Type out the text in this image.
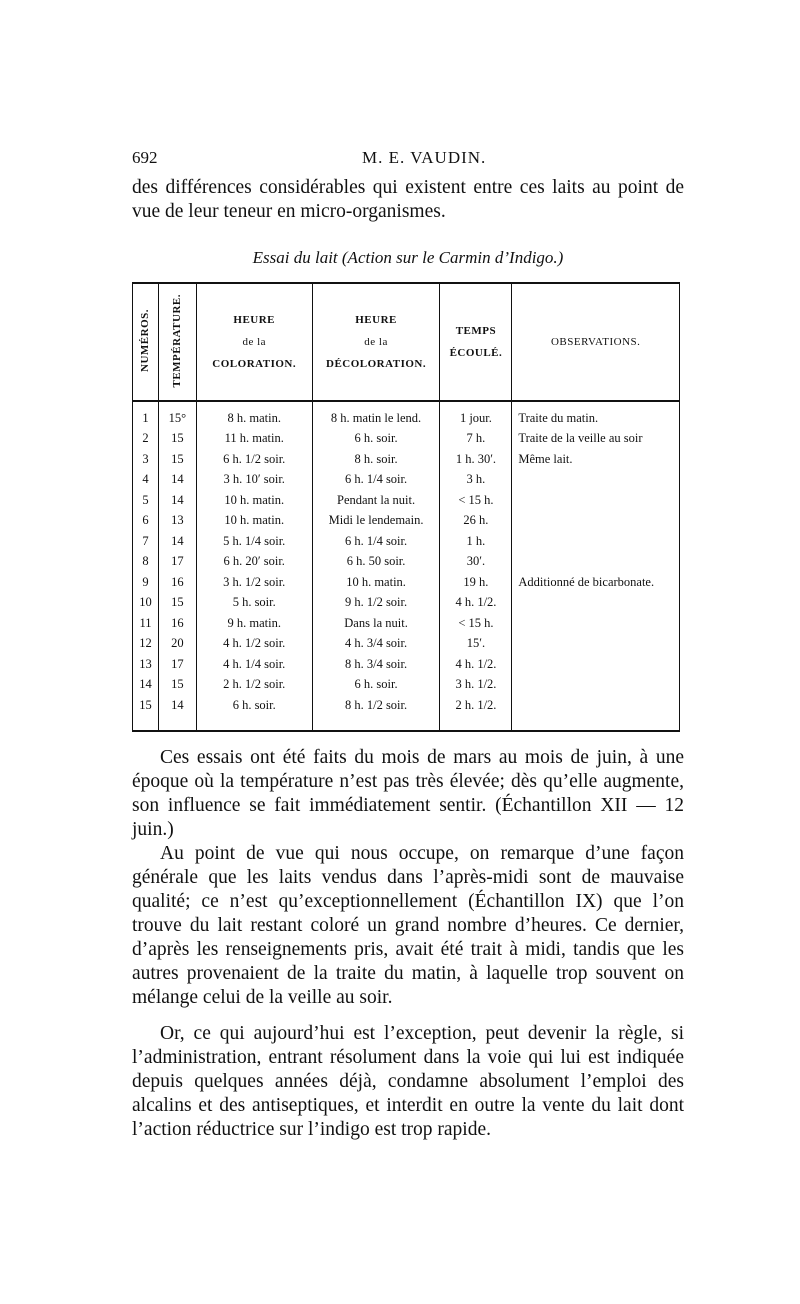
692	M. E. VAUDIN.

des différences considérables qui existent entre ces laits au point de vue de leur teneur en micro-organismes.

Essai du lait (Action sur le Carmin d’Indigo.)
NUMÉROS.	TEMPÉRATURE.	HEURE
de la
COLORATION.	HEURE
de la
DÉCOLORATION.	TEMPS
ÉCOULÉ.	OBSERVATIONS.
1	15°	8 h. matin.	8 h. matin le lend.	1 jour.	Traite du matin.
2	15	11 h. matin.	6 h. soir.	7 h.	Traite de la veille au soir
3	15	6 h. 1/2 soir.	8 h. soir.	1 h. 30′.	Même lait.
4	14	3 h. 10′ soir.	6 h. 1/4 soir.	3 h.	
5	14	10 h. matin.	Pendant la nuit.	< 15 h.	
6	13	10 h. matin.	Midi le lendemain.	26 h.	
7	14	5 h. 1/4 soir.	6 h. 1/4 soir.	1 h.	
8	17	6 h. 20′ soir.	6 h. 50 soir.	30′.	
9	16	3 h. 1/2 soir.	10 h. matin.	19 h.	Additionné de bicarbonate.
10	15	5 h. soir.	9 h. 1/2 soir.	4 h. 1/2.	
11	16	9 h. matin.	Dans la nuit.	< 15 h.	
12	20	4 h. 1/2 soir.	4 h. 3/4 soir.	15′.	
13	17	4 h. 1/4 soir.	8 h. 3/4 soir.	4 h. 1/2.	
14	15	2 h. 1/2 soir.	6 h. soir.	3 h. 1/2.	
15	14	6 h. soir.	8 h. 1/2 soir.	2 h. 1/2.	

Ces essais ont été faits du mois de mars au mois de juin, à une époque où la température n’est pas très élevée; dès qu’elle augmente, son influence se fait immédiatement sentir. (Échantillon XII — 12 juin.)

Au point de vue qui nous occupe, on remarque d’une façon générale que les laits vendus dans l’après-midi sont de mauvaise qualité; ce n’est qu’exceptionnellement (Échantillon IX) que l’on trouve du lait restant coloré un grand nombre d’heures. Ce dernier, d’après les renseignements pris, avait été trait à midi, tandis que les autres provenaient de la traite du matin, à laquelle trop souvent on mélange celui de la veille au soir.

Or, ce qui aujourd’hui est l’exception, peut devenir la règle, si l’administration, entrant résolument dans la voie qui lui est indiquée depuis quelques années déjà, condamne absolument l’emploi des alcalins et des antiseptiques, et interdit en outre la vente du lait dont l’action réductrice sur l’indigo est trop rapide.
